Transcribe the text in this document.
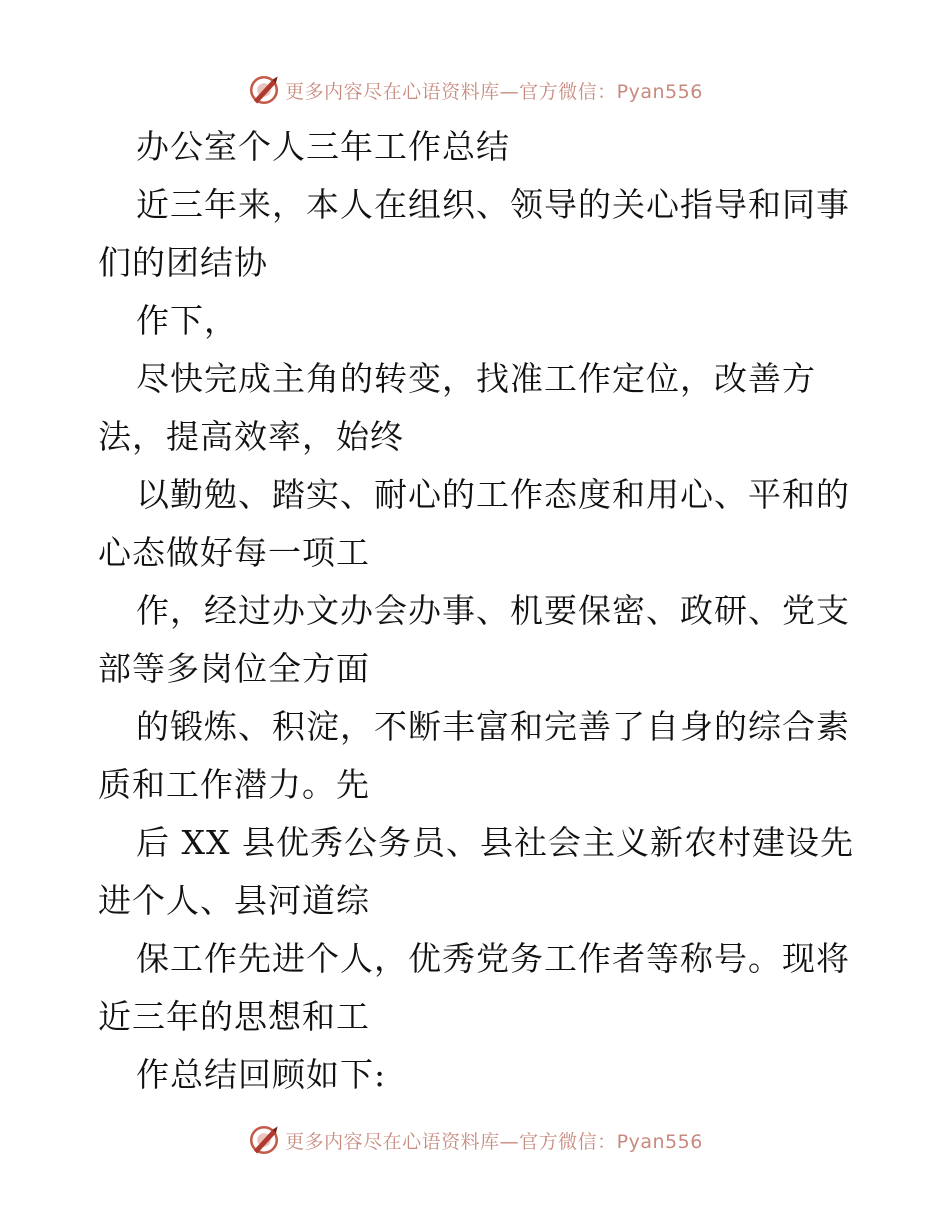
更多内容尽在心语资料库—官方微信：Pyan556
办公室个人三年工作总结
近三年来，本人在组织、领导的关心指导和同事
们的团结协
作下，
尽快完成主角的转变，找准工作定位，改善方
法，提高效率，始终
以勤勉、踏实、耐心的工作态度和用心、平和的
心态做好每一项工
作，经过办文办会办事、机要保密、政研、党支
部等多岗位全方面
的锻炼、积淀，不断丰富和完善了自身的综合素
质和工作潜力。先
后 XX 县优秀公务员、县社会主义新农村建设先
进个人、县河道综
保工作先进个人，优秀党务工作者等称号。现将
近三年的思想和工
作总结回顾如下:
更多内容尽在心语资料库—官方微信：Pyan556
